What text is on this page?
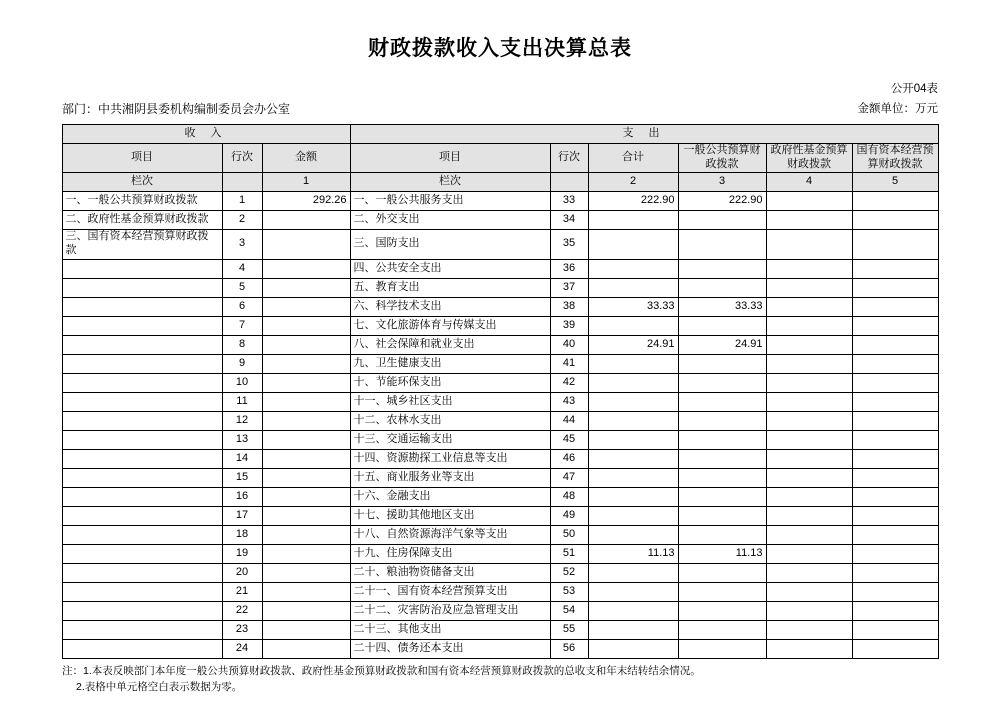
财政拨款收入支出决算总表
公开04表
部门：中共湘阴县委机构编制委员会办公室	金额单位：万元
收 入			支 出					
项目	行次	金额	项目	行次	合计	一般公共预算财政拨款	政府性基金预算财政拨款	国有资本经营预算财政拨款
栏次		1	栏次		2	3	4	5
一、一般公共预算财政拨款	1	292.26	一、一般公共服务支出	33	222.90	222.90		
二、政府性基金预算财政拨款	2		二、外交支出	34				
三、国有资本经营预算财政拨款	3		三、国防支出	35				
	4		四、公共安全支出	36				
	5		五、教育支出	37				
	6		六、科学技术支出	38	33.33	33.33		
	7		七、文化旅游体育与传媒支出	39				
	8		八、社会保障和就业支出	40	24.91	24.91		
	9		九、卫生健康支出	41				
	10		十、节能环保支出	42				
	11		十一、城乡社区支出	43				
	12		十二、农林水支出	44				
	13		十三、交通运输支出	45				
	14		十四、资源勘探工业信息等支出	46				
	15		十五、商业服务业等支出	47				
	16		十六、金融支出	48				
	17		十七、援助其他地区支出	49				
	18		十八、自然资源海洋气象等支出	50				
	19		十九、住房保障支出	51	11.13	11.13		
	20		二十、粮油物资储备支出	52				
	21		二十一、国有资本经营预算支出	53				
	22		二十二、灾害防治及应急管理支出	54				
	23		二十三、其他支出	55				
	24		二十四、债务还本支出	56				
注：1.本表反映部门本年度一般公共预算财政拨款、政府性基金预算财政拨款和国有资本经营预算财政拨款的总收支和年末结转结余情况。
2.表格中单元格空白表示数据为零。
